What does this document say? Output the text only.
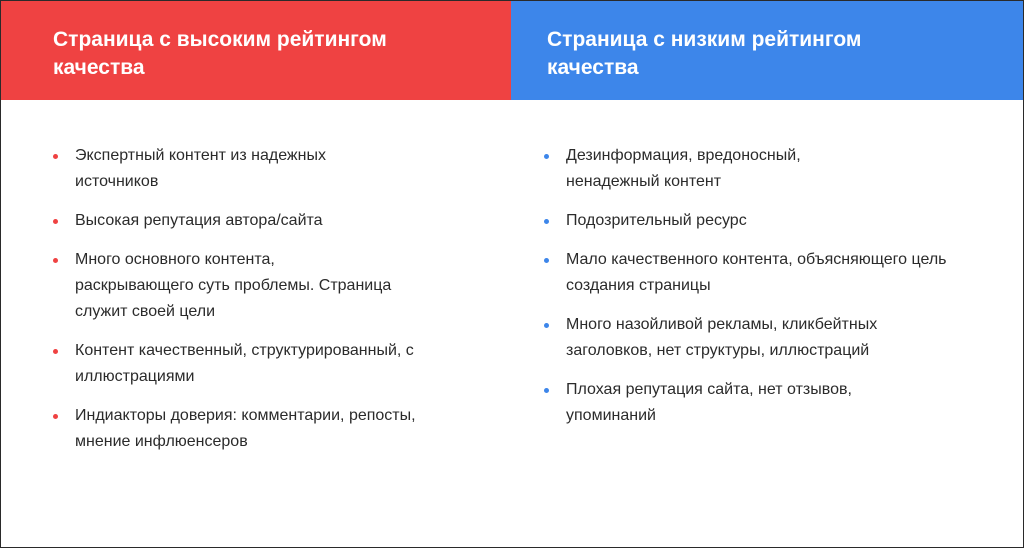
Страница с высоким рейтингом качества
Страница с низким рейтингом качества
Экспертный контент из надежных источников
Высокая репутация автора/сайта
Много основного контента, раскрывающего суть проблемы. Страница служит своей цели
Контент качественный, структурированный, с иллюстрациями
Индиакторы доверия: комментарии, репосты, мнение инфлюенсеров
Дезинформация, вредоносный, ненадежный контент
Подозрительный ресурс
Мало качественного контента, объясняющего цель создания страницы
Много назойливой рекламы, кликбейтных заголовков, нет структуры, иллюстраций
Плохая репутация сайта, нет отзывов, упоминаний
